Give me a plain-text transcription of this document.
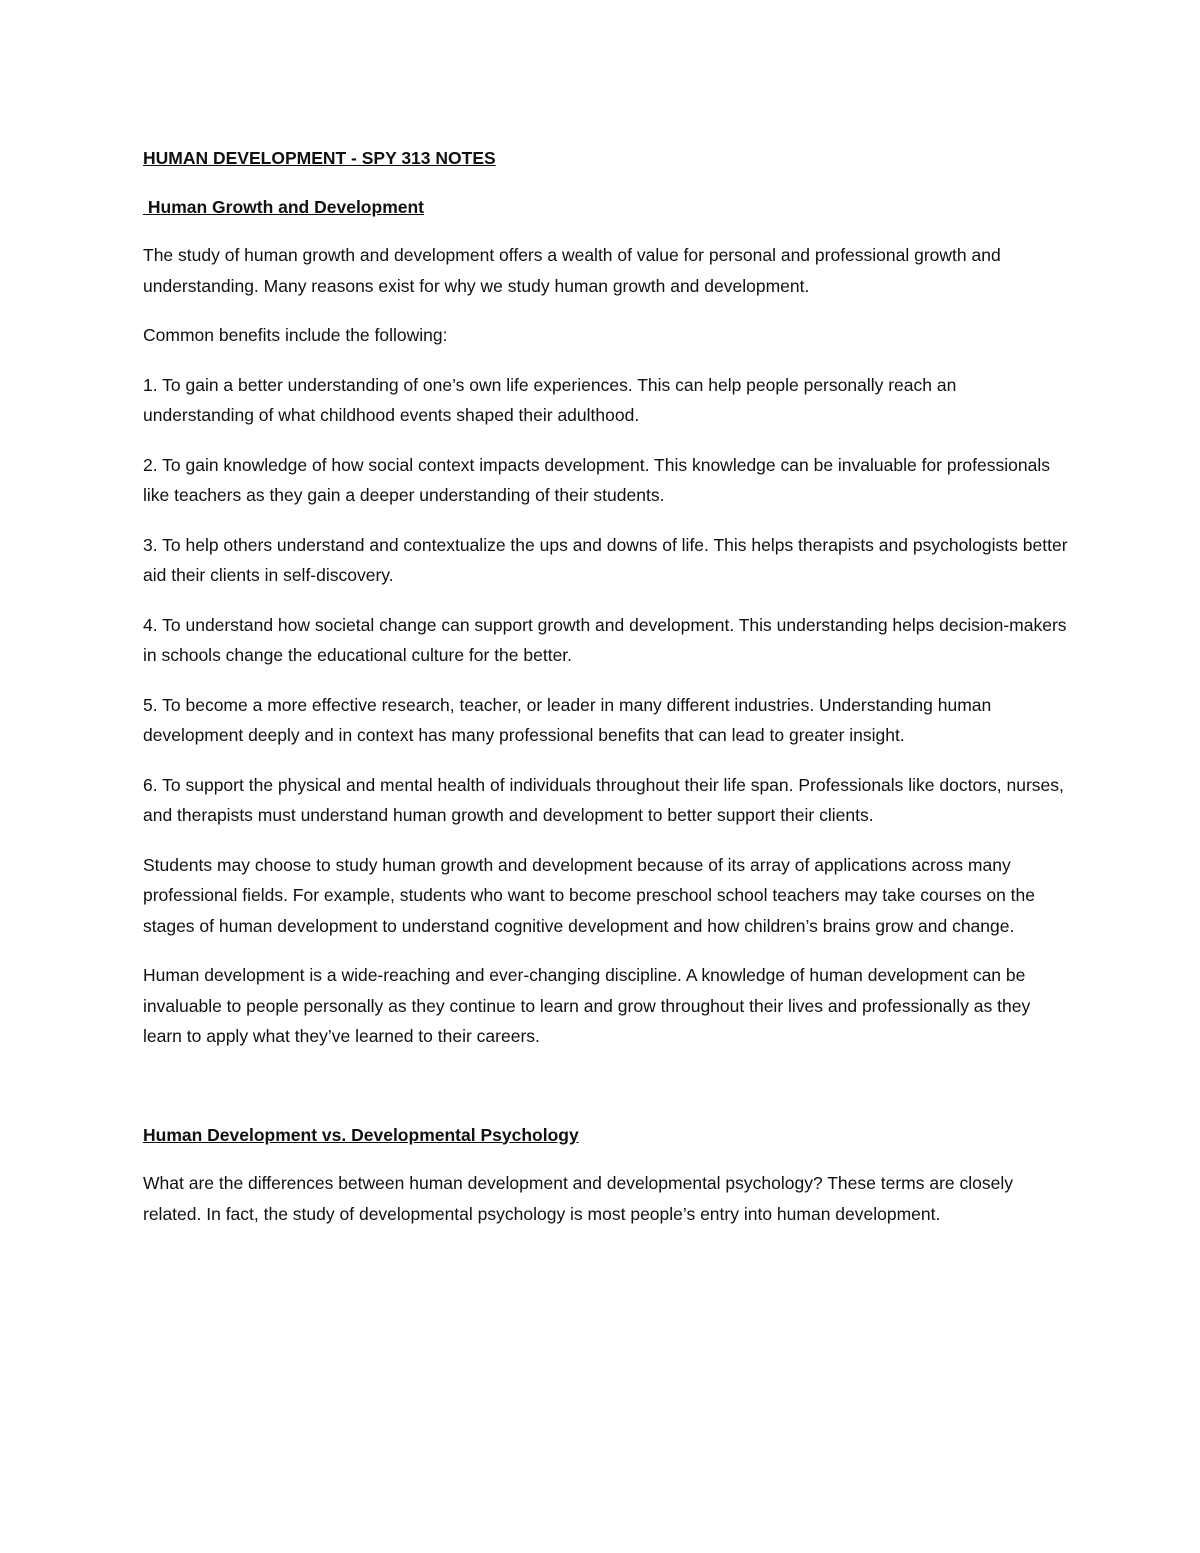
HUMAN DEVELOPMENT - SPY 313 NOTES
Human Growth and Development

The study of human growth and development offers a wealth of value for personal and professional growth and understanding. Many reasons exist for why we study human growth and development.

Common benefits include the following:

1. To gain a better understanding of one’s own life experiences. This can help people personally reach an understanding of what childhood events shaped their adulthood.

2. To gain knowledge of how social context impacts development. This knowledge can be invaluable for professionals like teachers as they gain a deeper understanding of their students.

3. To help others understand and contextualize the ups and downs of life. This helps therapists and psychologists better aid their clients in self-discovery.

4. To understand how societal change can support growth and development. This understanding helps decision-makers in schools change the educational culture for the better.

5. To become a more effective research, teacher, or leader in many different industries. Understanding human development deeply and in context has many professional benefits that can lead to greater insight.

6. To support the physical and mental health of individuals throughout their life span. Professionals like doctors, nurses, and therapists must understand human growth and development to better support their clients.

Students may choose to study human growth and development because of its array of applications across many professional fields. For example, students who want to become preschool school teachers may take courses on the stages of human development to understand cognitive development and how children’s brains grow and change.

Human development is a wide-reaching and ever-changing discipline. A knowledge of human development can be invaluable to people personally as they continue to learn and grow throughout their lives and professionally as they learn to apply what they’ve learned to their careers.

Human Development vs. Developmental Psychology

What are the differences between human development and developmental psychology? These terms are closely related. In fact, the study of developmental psychology is most people’s entry into human development.
